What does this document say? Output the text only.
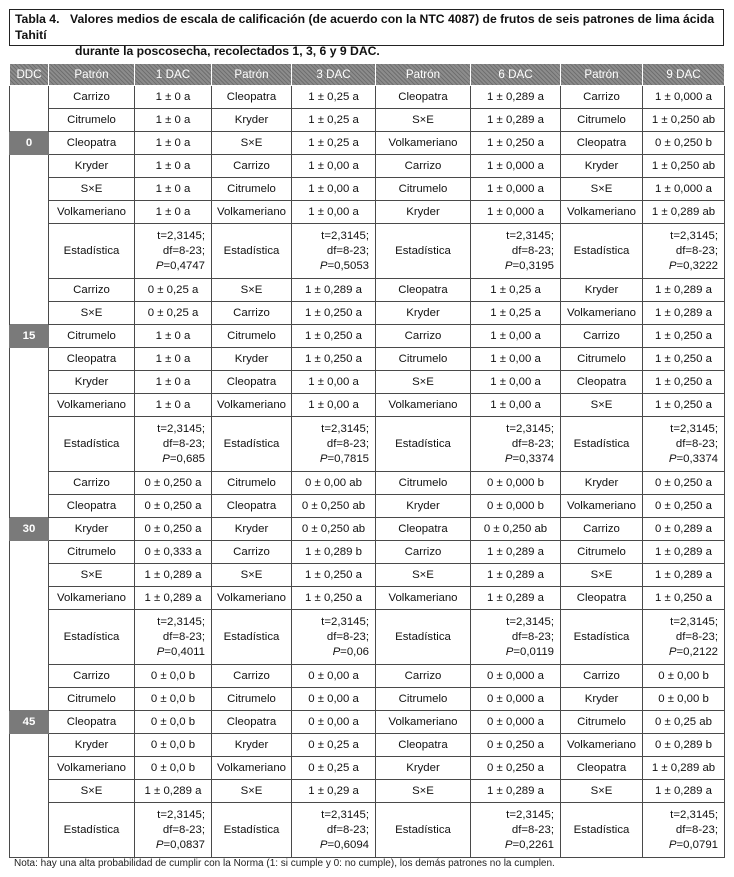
Tabla 4. Valores medios de escala de calificación (de acuerdo con la NTC 4087) de frutos de seis patrones de lima ácida Tahití
durante la poscosecha, recolectados 1, 3, 6 y 9 DAC.
DDC	Patrón	1 DAC	Patrón	3 DAC	Patrón	6 DAC	Patrón	9 DAC
	Carrizo	1 ± 0 a	Cleopatra	1 ± 0,25 a	Cleopatra	1 ± 0,289 a	Carrizo	1 ± 0,000 a
	Citrumelo	1 ± 0 a	Kryder	1 ± 0,25 a	S×E	1 ± 0,289 a	Citrumelo	1 ± 0,250 ab
0	Cleopatra	1 ± 0 a	S×E	1 ± 0,25 a	Volkameriano	1 ± 0,250 a	Cleopatra	0 ± 0,250 b
	Kryder	1 ± 0 a	Carrizo	1 ± 0,00 a	Carrizo	1 ± 0,000 a	Kryder	1 ± 0,250 ab
	S×E	1 ± 0 a	Citrumelo	1 ± 0,00 a	Citrumelo	1 ± 0,000 a	S×E	1 ± 0,000 a
	Volkameriano	1 ± 0 a	Volkameriano	1 ± 0,00 a	Kryder	1 ± 0,000 a	Volkameriano	1 ± 0,289 ab
	Estadística	t=2,3145;
df=8-23;
P=0,4747	Estadística	t=2,3145;
df=8-23;
P=0,5053	Estadística	t=2,3145;
df=8-23;
P=0,3195	Estadística	t=2,3145;
df=8-23;
P=0,3222

	Carrizo	0 ± 0,25 a	S×E	1 ± 0,289 a	Cleopatra	1 ± 0,25 a	Kryder	1 ± 0,289 a
	S×E	0 ± 0,25 a	Carrizo	1 ± 0,250 a	Kryder	1 ± 0,25 a	Volkameriano	1 ± 0,289 a
15	Citrumelo	1 ± 0 a	Citrumelo	1 ± 0,250 a	Carrizo	1 ± 0,00 a	Carrizo	1 ± 0,250 a
	Cleopatra	1 ± 0 a	Kryder	1 ± 0,250 a	Citrumelo	1 ± 0,00 a	Citrumelo	1 ± 0,250 a
	Kryder	1 ± 0 a	Cleopatra	1 ± 0,00 a	S×E	1 ± 0,00 a	Cleopatra	1 ± 0,250 a
	Volkameriano	1 ± 0 a	Volkameriano	1 ± 0,00 a	Volkameriano	1 ± 0,00 a	S×E	1 ± 0,250 a
	Estadística	t=2,3145;
df=8-23;
P=0,685	Estadística	t=2,3145;
df=8-23;
P=0,7815	Estadística	t=2,3145;
df=8-23;
P=0,3374	Estadística	t=2,3145;
df=8-23;
P=0,3374

	Carrizo	0 ± 0,250 a	Citrumelo	0 ± 0,00 ab	Citrumelo	0 ± 0,000 b	Kryder	0 ± 0,250 a
	Cleopatra	0 ± 0,250 a	Cleopatra	0 ± 0,250 ab	Kryder	0 ± 0,000 b	Volkameriano	0 ± 0,250 a
30	Kryder	0 ± 0,250 a	Kryder	0 ± 0,250 ab	Cleopatra	0 ± 0,250 ab	Carrizo	0 ± 0,289 a
	Citrumelo	0 ± 0,333 a	Carrizo	1 ± 0,289 b	Carrizo	1 ± 0,289 a	Citrumelo	1 ± 0,289 a
	S×E	1 ± 0,289 a	S×E	1 ± 0,250 a	S×E	1 ± 0,289 a	S×E	1 ± 0,289 a
	Volkameriano	1 ± 0,289 a	Volkameriano	1 ± 0,250 a	Volkameriano	1 ± 0,289 a	Cleopatra	1 ± 0,250 a
	Estadística	t=2,3145;
df=8-23;
P=0,4011	Estadística	t=2,3145;
df=8-23;
P=0,06	Estadística	t=2,3145;
df=8-23;
P=0,0119	Estadística	t=2,3145;
df=8-23;
P=0,2122

	Carrizo	0 ± 0,0 b	Carrizo	0 ± 0,00 a	Carrizo	0 ± 0,000 a	Carrizo	0 ± 0,00 b
	Citrumelo	0 ± 0,0 b	Citrumelo	0 ± 0,00 a	Citrumelo	0 ± 0,000 a	Kryder	0 ± 0,00 b
45	Cleopatra	0 ± 0,0 b	Cleopatra	0 ± 0,00 a	Volkameriano	0 ± 0,000 a	Citrumelo	0 ± 0,25 ab
	Kryder	0 ± 0,0 b	Kryder	0 ± 0,25 a	Cleopatra	0 ± 0,250 a	Volkameriano	0 ± 0,289 b
	Volkameriano	0 ± 0,0 b	Volkameriano	0 ± 0,25 a	Kryder	0 ± 0,250 a	Cleopatra	1 ± 0,289 ab
	S×E	1 ± 0,289 a	S×E	1 ± 0,29 a	S×E	1 ± 0,289 a	S×E	1 ± 0,289 a
	Estadística	t=2,3145;
df=8-23;
P=0,0837	Estadística	t=2,3145;
df=8-23;
P=0,6094	Estadística	t=2,3145;
df=8-23;
P=0,2261	Estadística	t=2,3145;
df=8-23;
P=0,0791
Nota: hay una alta probabilidad de cumplir con la Norma (1: si cumple y 0: no cumple), los demás patrones no la cumplen.
